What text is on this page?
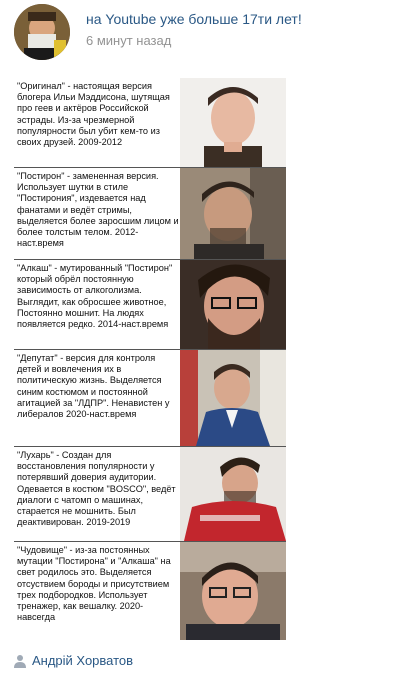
на Youtube уже больше 17ти лет!
6 минут назад
"Оригинал" - настоящая версия блогера Ильи Мэддисона, шутящая про геев и актёров Российской эстрады. Из-за чрезмерной популярности был убит кем-то из своих друзей. 2009-2012
"Постирон" - замененная версия. Использует шутки в стиле "Постирония", издевается над фанатами и ведёт стримы, выделяется более заросшим лицом и более толстым телом. 2012-наст.время
"Алкаш" - мутированный "Постирон" который обрёл постоянную зависимость от алкоголизма. Выглядит, как обросшее животное, Постоянно мошнит. На людях появляется редко. 2014-наст.время
"Депутат" - версия для контроля детей и вовлечения их в политическую жизнь. Выделяется синим костюмом и постоянной агитацией за "ЛДПР". Ненавистен у либералов 2020-наст.время
"Лухарь" - Создан для восстановления популярности у потерявший доверия аудитории. Одевается в костюм "BOSCO", ведёт диалоги с чатомп о машинах, старается не мошнить. Был деактивирован. 2019-2019
"Чудовище" - из-за постоянных мутации "Постирона" и "Алкаша" на свет родилось это. Выделяется отсуствием бороды и присутствием трех подбородков. Использует трeнажер, как вешалку. 2020-навсегда
Андрій Хорватов
